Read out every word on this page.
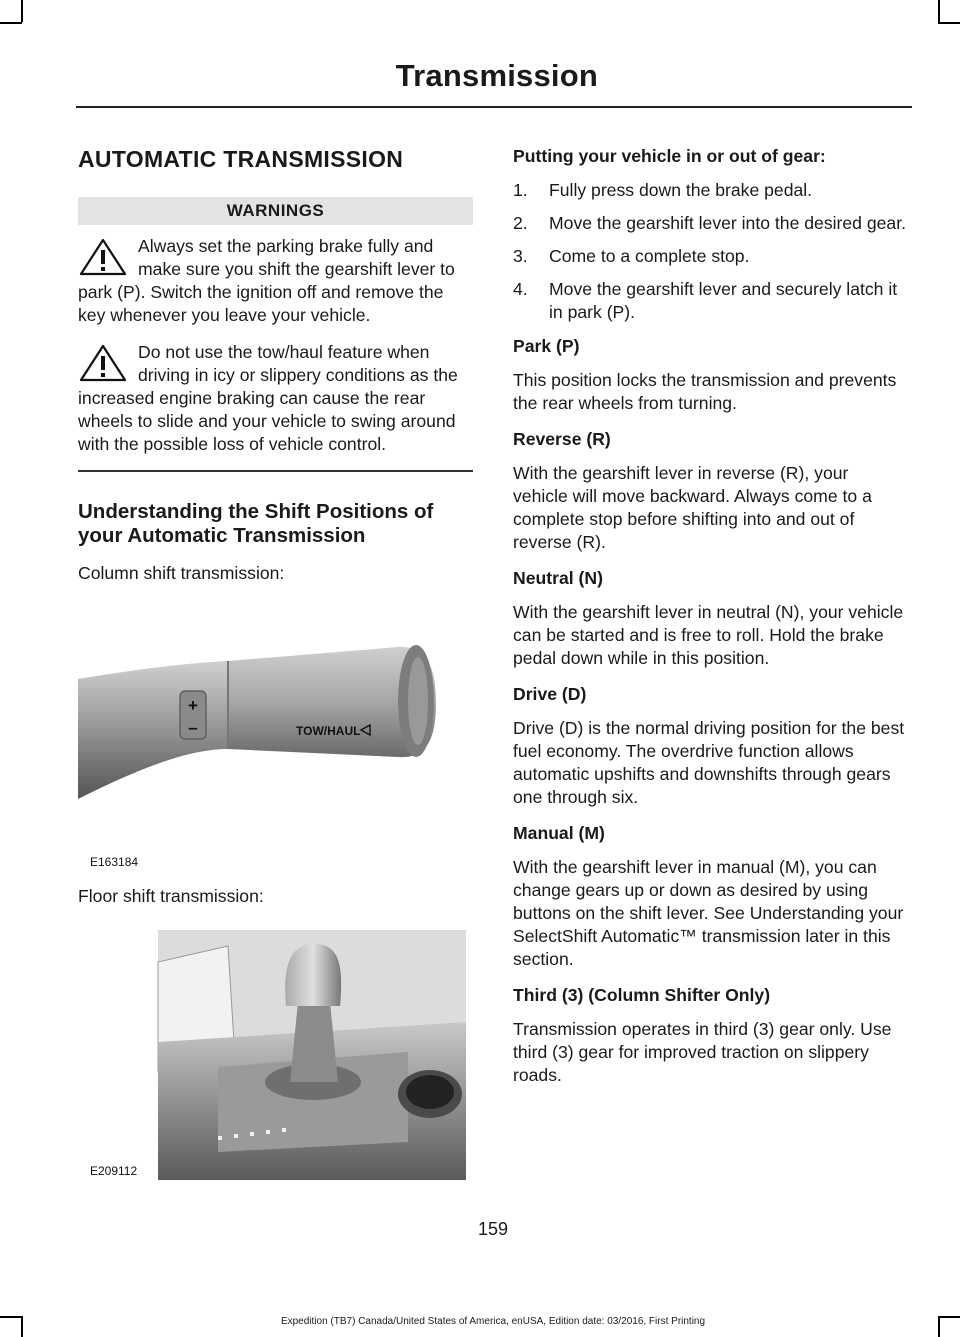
Transmission
AUTOMATIC TRANSMISSION
WARNINGS
Always set the parking brake fully and make sure you shift the gearshift lever to park (P). Switch the ignition off and remove the key whenever you leave your vehicle.
Do not use the tow/haul feature when driving in icy or slippery conditions as the increased engine braking can cause the rear wheels to slide and your vehicle to swing around with the possible loss of vehicle control.
Understanding the Shift Positions of your Automatic Transmission
Column shift transmission:
+
–	TOW/HAUL
E163184
Floor shift transmission:
E209112
Putting your vehicle in or out of gear:
1. Fully press down the brake pedal.
2. Move the gearshift lever into the desired gear.
3. Come to a complete stop.
4. Move the gearshift lever and securely latch it in park (P).
Park (P)
This position locks the transmission and prevents the rear wheels from turning.
Reverse (R)
With the gearshift lever in reverse (R), your vehicle will move backward. Always come to a complete stop before shifting into and out of reverse (R).
Neutral (N)
With the gearshift lever in neutral (N), your vehicle can be started and is free to roll. Hold the brake pedal down while in this position.
Drive (D)
Drive (D) is the normal driving position for the best fuel economy. The overdrive function allows automatic upshifts and downshifts through gears one through six.
Manual (M)
With the gearshift lever in manual (M), you can change gears up or down as desired by using buttons on the shift lever. See Understanding your SelectShift Automatic™ transmission later in this section.
Third (3) (Column Shifter Only)
Transmission operates in third (3) gear only. Use third (3) gear for improved traction on slippery roads.
159
Expedition (TB7) Canada/United States of America, enUSA, Edition date: 03/2016, First Printing
